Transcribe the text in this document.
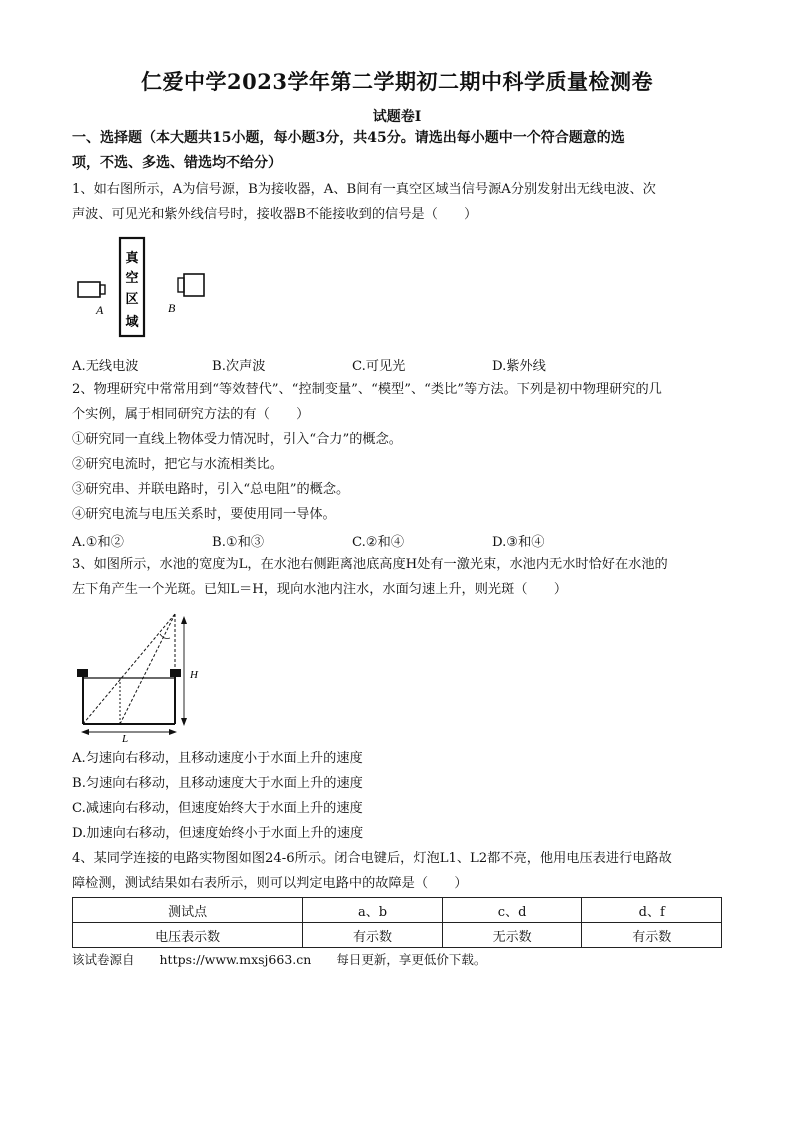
仁爱中学2023学年第二学期初二期中科学质量检测卷
试题卷Ⅰ
一、选择题（本大题共15小题，每小题3分，共45分。请选出每小题中一个符合题意的选
项，不选、多选、错选均不给分）
1、如右图所示，A为信号源，B为接收器，A、B间有一真空区域当信号源A分别发射出无线电波、次
声波、可见光和紫外线信号时，接收器B不能接收到的信号是（　　）
A
真
空
区
域
B
A.无线电波	B.次声波	C.可见光	D.紫外线
2、物理研究中常常用到“等效替代”、“控制变量”、“模型”、“类比”等方法。下列是初中物理研究的几
个实例，属于相同研究方法的有（　　）
①研究同一直线上物体受力情况时，引入“合力”的概念。
②研究电流时，把它与水流相类比。
③研究串、并联电路时，引入“总电阻”的概念。
④研究电流与电压关系时，要使用同一导体。
A.①和②	B.①和③	C.②和④	D.③和④
3、如图所示，水池的宽度为L，在水池右侧距离池底高度H处有一激光束，水池内无水时恰好在水池的
左下角产生一个光斑。已知L＝H，现向水池内注水，水面匀速上升，则光斑（　　）
H
L
A.匀速向右移动，且移动速度小于水面上升的速度
B.匀速向右移动，且移动速度大于水面上升的速度
C.减速向右移动，但速度始终大于水面上升的速度
D.加速向右移动，但速度始终小于水面上升的速度
4、某同学连接的电路实物图如图24-6所示。闭合电键后，灯泡L1、L2都不亮，他用电压表进行电路故
障检测，测试结果如右表所示，则可以判定电路中的故障是（　　）
测试点	a、b	c、d	d、f
电压表示数	有示数	无示数	有示数
该试卷源自　　https://www.mxsj663.cn　　每日更新，享更低价下载。
